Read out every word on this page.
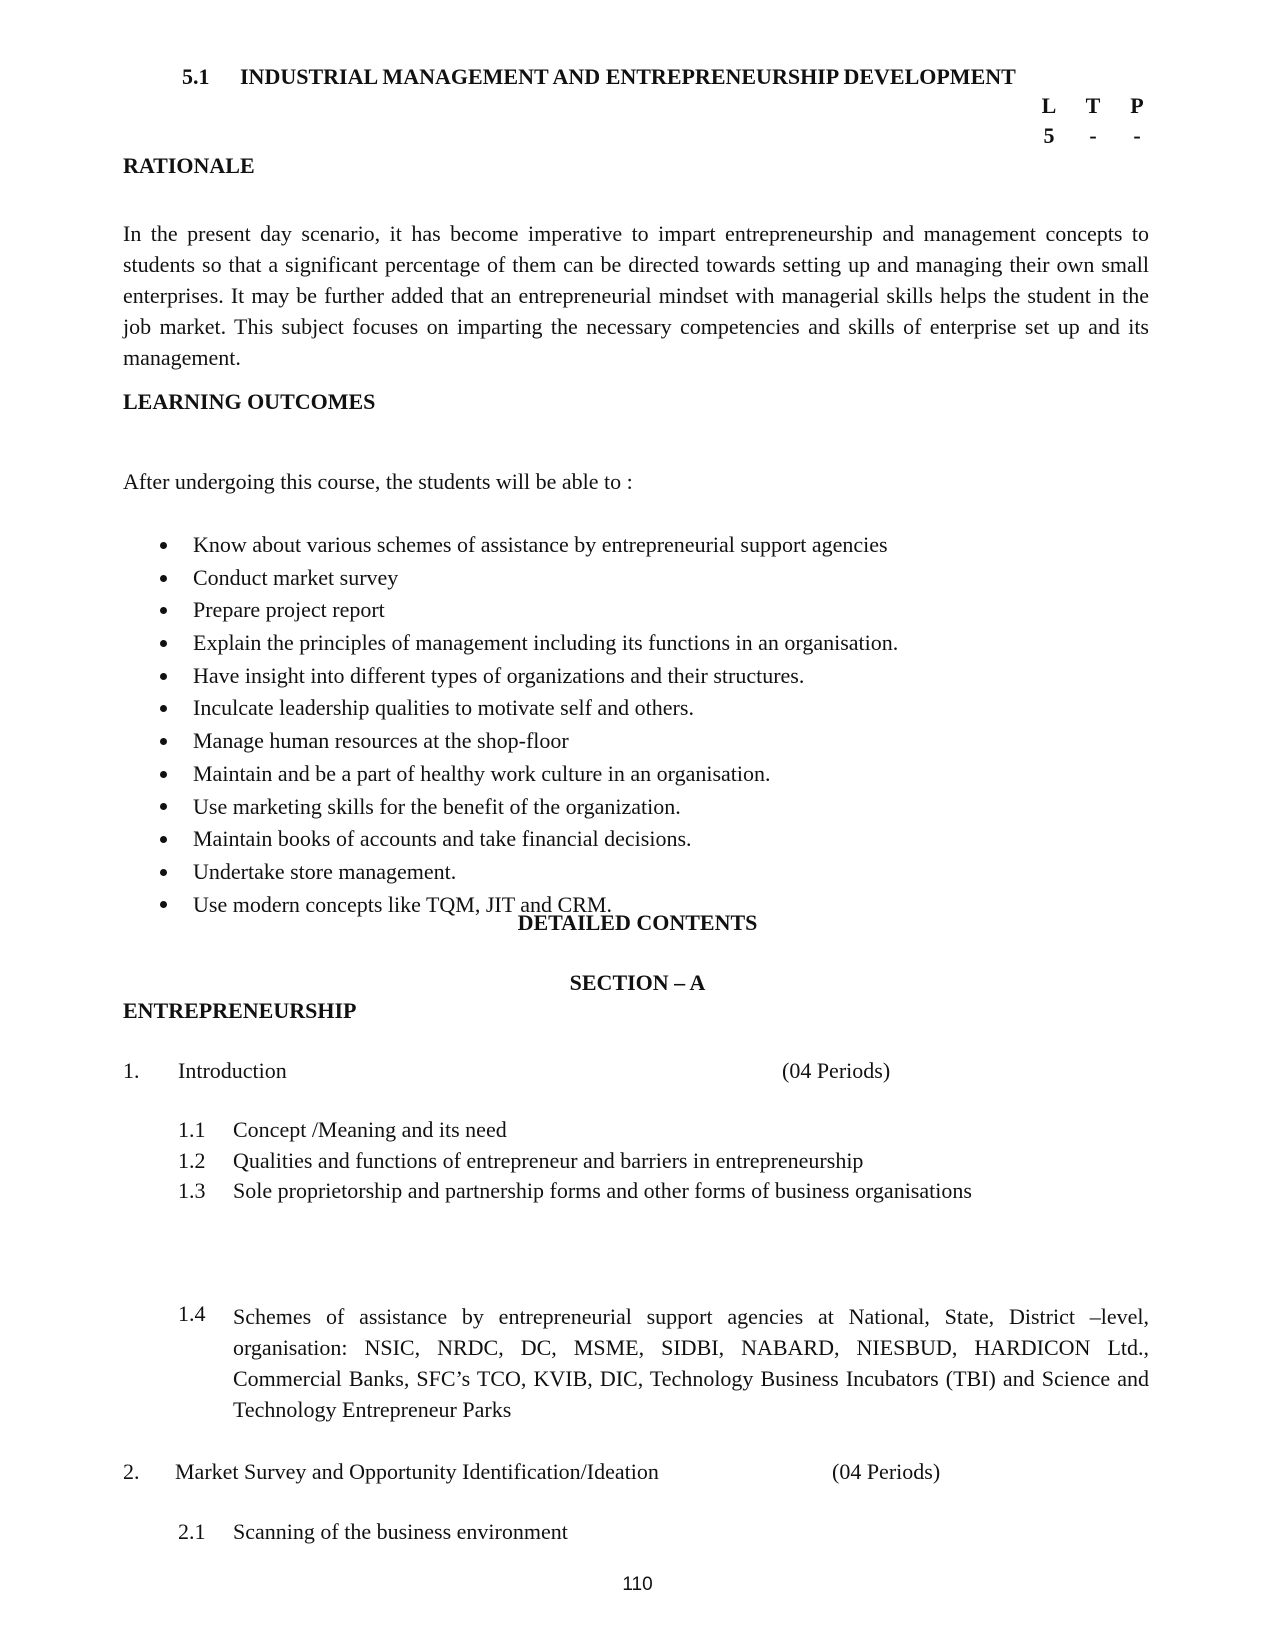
5.1 INDUSTRIAL MANAGEMENT AND ENTREPRENEURSHIP DEVELOPMENT
L T P
5	-	-
RATIONALE
In the present day scenario, it has become imperative to impart entrepreneurship and management concepts to students so that a significant percentage of them can be directed towards setting up and managing their own small enterprises. It may be further added that an entrepreneurial mindset with managerial skills helps the student in the job market. This subject focuses on imparting the necessary competencies and skills of enterprise set up and its management.
LEARNING OUTCOMES
After undergoing this course, the students will be able to :
Know about various schemes of assistance by entrepreneurial support agencies
Conduct market survey
Prepare project report
Explain the principles of management including its functions in an organisation.
Have insight into different types of organizations and their structures.
Inculcate leadership qualities to motivate self and others.
Manage human resources at the shop-floor
Maintain and be a part of healthy work culture in an organisation.
Use marketing skills for the benefit of the organization.
Maintain books of accounts and take financial decisions.
Undertake store management.
Use modern concepts like TQM, JIT and CRM.
DETAILED CONTENTS
SECTION – A
ENTREPRENEURSHIP
1. Introduction	(04 Periods)
1.1 Concept /Meaning and its need
1.2 Qualities and functions of entrepreneur and barriers in entrepreneurship
1.3 Sole proprietorship and partnership forms and other forms of business organisations
1.4	Schemes of assistance by entrepreneurial support agencies at National, State, District –level, organisation: NSIC, NRDC, DC, MSME, SIDBI, NABARD, NIESBUD, HARDICON Ltd., Commercial Banks, SFC’s TCO, KVIB, DIC, Technology Business Incubators (TBI) and Science and Technology Entrepreneur Parks
2. Market Survey and Opportunity Identification/Ideation	(04 Periods)
2.1 Scanning of the business environment
110
